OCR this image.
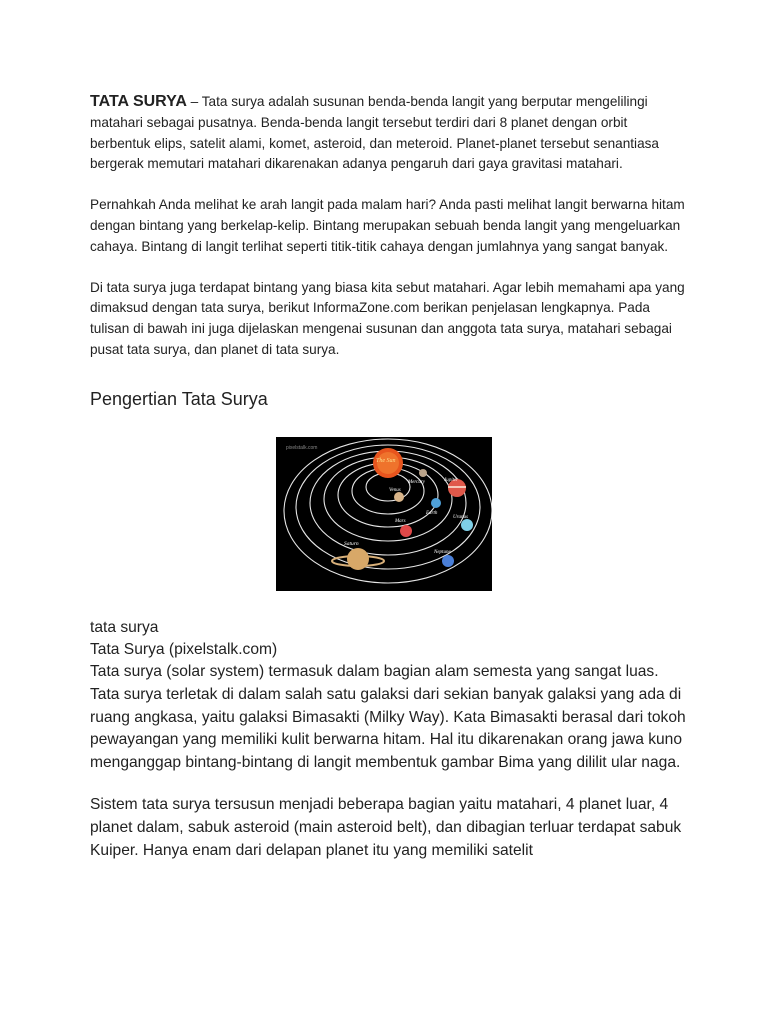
TATA SURYA – Tata surya adalah susunan benda-benda langit yang berputar mengelilingi matahari sebagai pusatnya. Benda-benda langit tersebut terdiri dari 8 planet dengan orbit berbentuk elips, satelit alami, komet, asteroid, dan meteroid. Planet-planet tersebut senantiasa bergerak memutari matahari dikarenakan adanya pengaruh dari gaya gravitasi matahari.

Pernahkah Anda melihat ke arah langit pada malam hari? Anda pasti melihat langit berwarna hitam dengan bintang yang berkelap-kelip. Bintang merupakan sebuah benda langit yang mengeluarkan cahaya. Bintang di langit terlihat seperti titik-titik cahaya dengan jumlahnya yang sangat banyak.

Di tata surya juga terdapat bintang yang biasa kita sebut matahari. Agar lebih memahami apa yang dimaksud dengan tata surya, berikut InformaZone.com berikan penjelasan lengkapnya. Pada tulisan di bawah ini juga dijelaskan mengenai susunan dan anggota tata surya, matahari sebagai pusat tata surya, dan planet di tata surya.

Pengertian Tata Surya
pixelstalk.com
The Sun
Mercury
Venus
Jupiter
Earth
Mars
Uranus
Saturn
Neptune
tata surya
Tata Surya (pixelstalk.com)

Tata surya (solar system) termasuk dalam bagian alam semesta yang sangat luas. Tata surya terletak di dalam salah satu galaksi dari sekian banyak galaksi yang ada di ruang angkasa, yaitu galaksi Bimasakti (Milky Way). Kata Bimasakti berasal dari tokoh pewayangan yang memiliki kulit berwarna hitam. Hal itu dikarenakan orang jawa kuno menganggap bintang-bintang di langit membentuk gambar Bima yang dililit ular naga.

Sistem tata surya tersusun menjadi beberapa bagian yaitu matahari, 4 planet luar, 4 planet dalam, sabuk asteroid (main asteroid belt), dan dibagian terluar terdapat sabuk Kuiper. Hanya enam dari delapan planet itu yang memiliki satelit
